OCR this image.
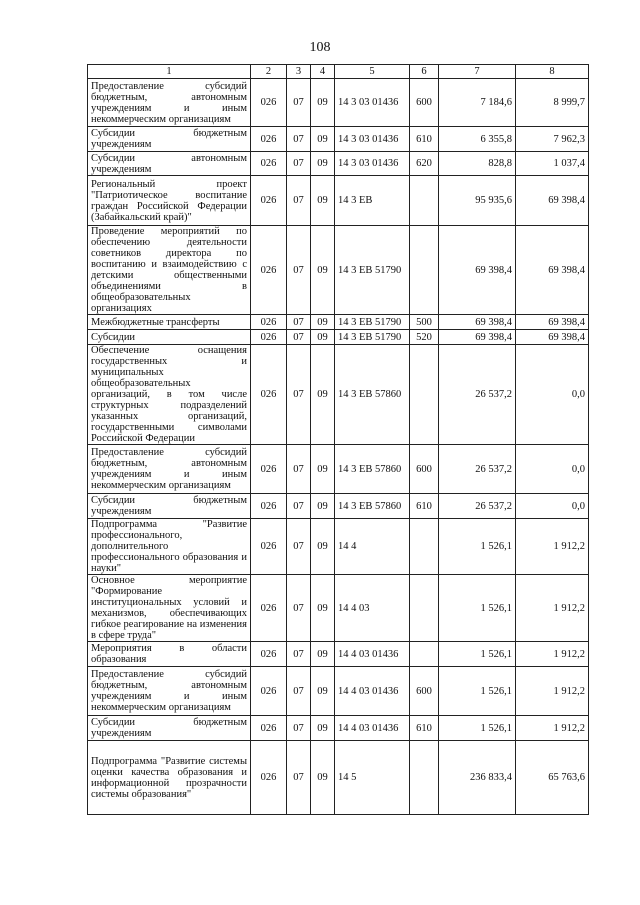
108
1	2	3	4	5	6	7	8
Предоставление субсидий бюджетным, автономным учреждениям и иным некоммерческим организациям	026	07	09	14 3 03 01436	600	7 184,6	8 999,7
Субсидии бюджетным учреждениям	026	07	09	14 3 03 01436	610	6 355,8	7 962,3
Субсидии автономным учреждениям	026	07	09	14 3 03 01436	620	828,8	1 037,4
Региональный проект "Патриотическое воспитание граждан Российской Федерации (Забайкальский край)"	026	07	09	14 3 EB		95 935,6	69 398,4
Проведение мероприятий по обеспечению деятельности советников директора по воспитанию и взаимодействию с детскими общественными объединениями в общеобразовательных организациях	026	07	09	14 3 EB 51790		69 398,4	69 398,4
Межбюджетные трансферты	026	07	09	14 3 EB 51790	500	69 398,4	69 398,4
Субсидии	026	07	09	14 3 EB 51790	520	69 398,4	69 398,4
Обеспечение оснащения государственных и муниципальных общеобразовательных организаций, в том числе структурных подразделений указанных организаций, государственными символами Российской Федерации	026	07	09	14 3 EB 57860		26 537,2	0,0
Предоставление субсидий бюджетным, автономным учреждениям и иным некоммерческим организациям	026	07	09	14 3 EB 57860	600	26 537,2	0,0
Субсидии бюджетным учреждениям	026	07	09	14 3 EB 57860	610	26 537,2	0,0
Подпрограмма "Развитие профессионального, дополнительного профессионального образования и науки"	026	07	09	14 4		1 526,1	1 912,2
Основное мероприятие "Формирование институциональных условий и механизмов, обеспечивающих гибкое реагирование на изменения в сфере труда"	026	07	09	14 4 03		1 526,1	1 912,2
Мероприятия в области образования	026	07	09	14 4 03 01436		1 526,1	1 912,2
Предоставление субсидий бюджетным, автономным учреждениям и иным некоммерческим организациям	026	07	09	14 4 03 01436	600	1 526,1	1 912,2
Субсидии бюджетным учреждениям	026	07	09	14 4 03 01436	610	1 526,1	1 912,2
Подпрограмма "Развитие системы оценки качества образования и информационной прозрачности системы образования"	026	07	09	14 5		236 833,4	65 763,6
